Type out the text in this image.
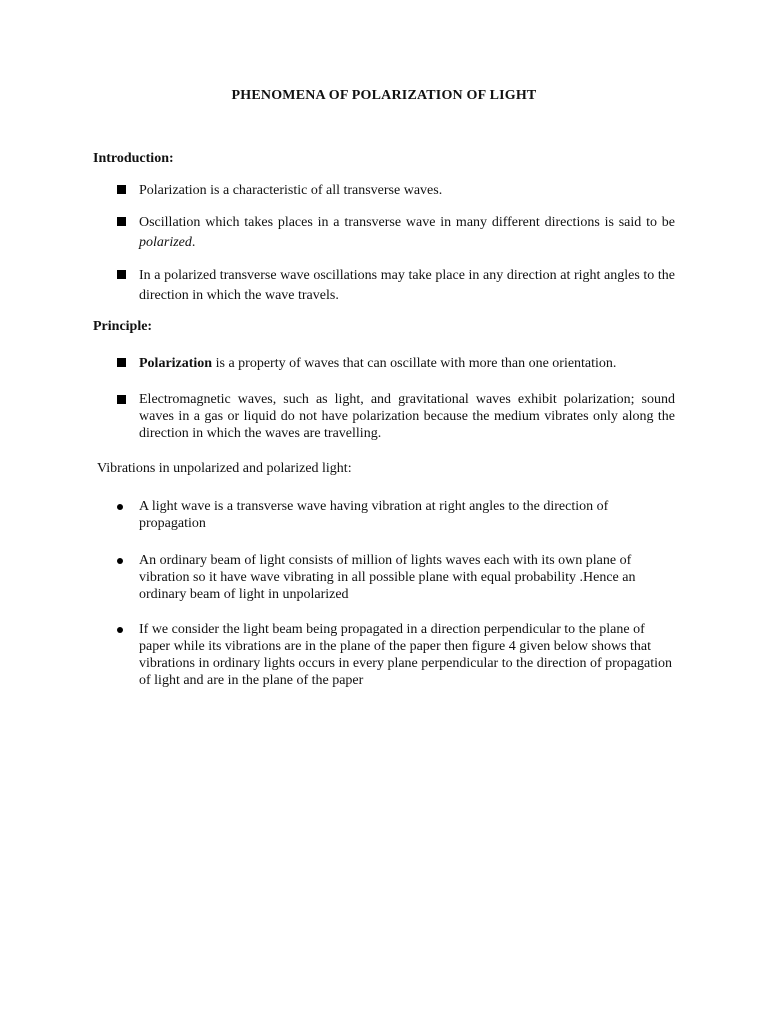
PHENOMENA OF POLARIZATION OF LIGHT
Introduction:
Polarization is a characteristic of all transverse waves.
Oscillation which takes places in a transverse wave in many different directions is said to be polarized.
In a polarized transverse wave oscillations may take place in any direction at right angles to the direction in which the wave travels.
Principle:
Polarization is a property of waves that can oscillate with more than one orientation.
Electromagnetic waves, such as light, and gravitational waves exhibit polarization; sound waves in a gas or liquid do not have polarization because the medium vibrates only along the direction in which the waves are travelling.
Vibrations in unpolarized and polarized light:
A light wave is a transverse wave having vibration at right angles to the direction of propagation
An ordinary beam of light consists of million of lights waves each with its own plane of vibration so it have wave vibrating in all possible plane with equal probability .Hence an ordinary beam of light in unpolarized
If we consider the light beam being propagated in a direction perpendicular to the plane of paper while its vibrations are in the plane of the paper then figure 4 given below shows that vibrations in ordinary lights occurs in every plane perpendicular to the direction of propagation of light and are in the plane of the paper
